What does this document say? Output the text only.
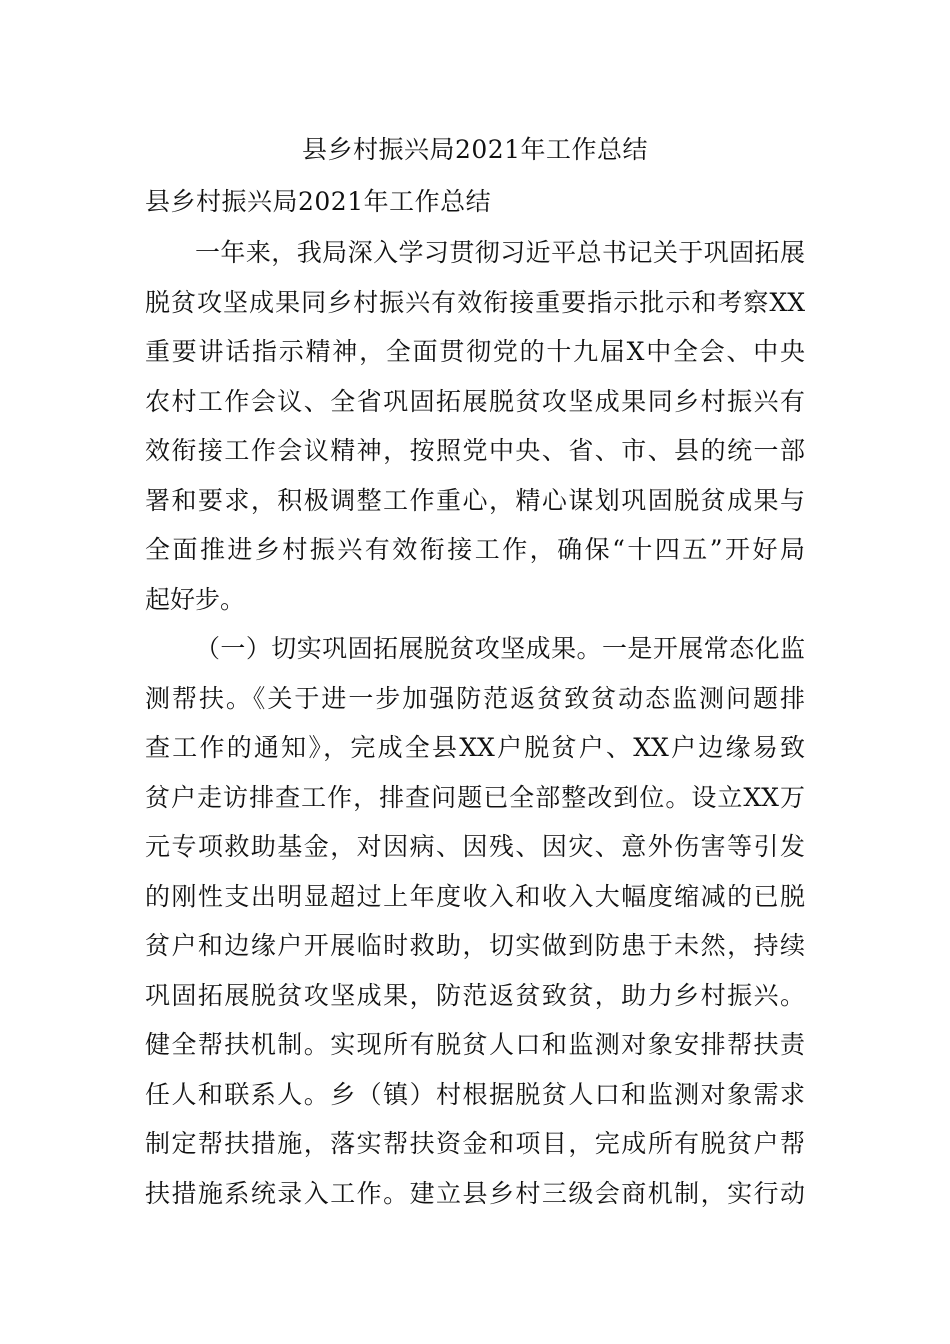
县乡村振兴局2021年工作总结
县乡村振兴局2021年工作总结

一年来，我局深入学习贯彻习近平总书记关于巩固拓展

脱贫攻坚成果同乡村振兴有效衔接重要指示批示和考察XX

重要讲话指示精神，全面贯彻党的十九届X中全会、中央

农村工作会议、全省巩固拓展脱贫攻坚成果同乡村振兴有

效衔接工作会议精神，按照党中央、省、市、县的统一部

署和要求，积极调整工作重心，精心谋划巩固脱贫成果与

全面推进乡村振兴有效衔接工作，确保“十四五”开好局

起好步。

（一）切实巩固拓展脱贫攻坚成果。一是开展常态化监

测帮扶。《关于进一步加强防范返贫致贫动态监测问题排

查工作的通知》，完成全县XX户脱贫户、XX户边缘易致

贫户走访排查工作，排查问题已全部整改到位。设立XX万

元专项救助基金，对因病、因残、因灾、意外伤害等引发

的刚性支出明显超过上年度收入和收入大幅度缩减的已脱

贫户和边缘户开展临时救助，切实做到防患于未然，持续

巩固拓展脱贫攻坚成果，防范返贫致贫，助力乡村振兴。

健全帮扶机制。实现所有脱贫人口和监测对象安排帮扶责

任人和联系人。乡（镇）村根据脱贫人口和监测对象需求

制定帮扶措施，落实帮扶资金和项目，完成所有脱贫户帮

扶措施系统录入工作。建立县乡村三级会商机制，实行动
